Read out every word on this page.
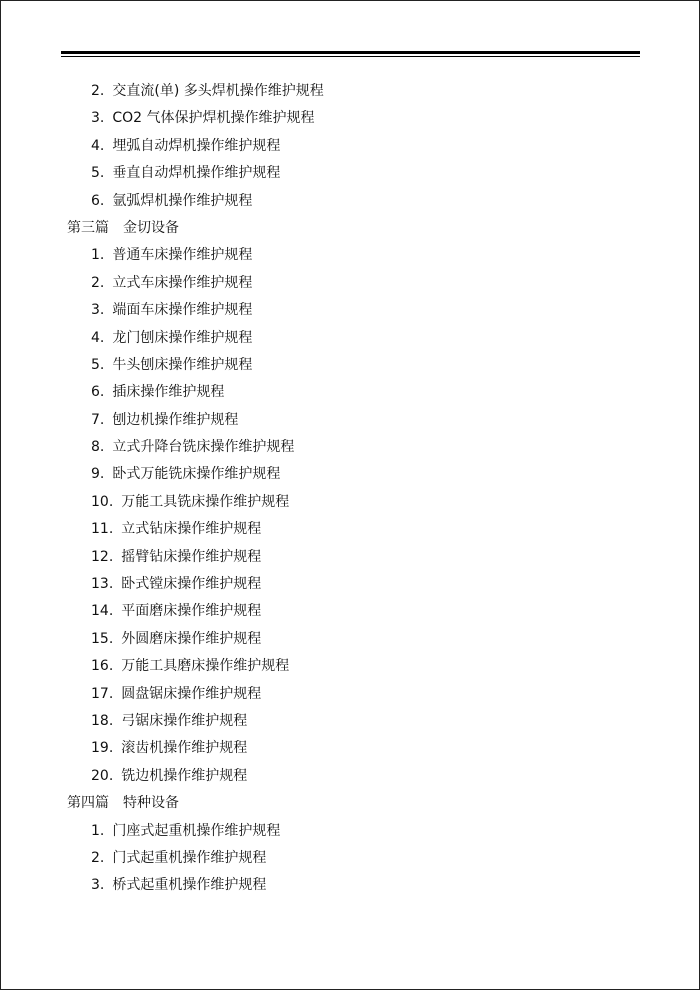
2. 交直流(单) 多头焊机操作维护规程
3. CO2 气体保护焊机操作维护规程
4. 埋弧自动焊机操作维护规程
5. 垂直自动焊机操作维护规程
6. 氩弧焊机操作维护规程
第三篇 金切设备
1. 普通车床操作维护规程
2. 立式车床操作维护规程
3. 端面车床操作维护规程
4. 龙门刨床操作维护规程
5. 牛头刨床操作维护规程
6. 插床操作维护规程
7. 刨边机操作维护规程
8. 立式升降台铣床操作维护规程
9. 卧式万能铣床操作维护规程
10. 万能工具铣床操作维护规程
11. 立式钻床操作维护规程
12. 摇臂钻床操作维护规程
13. 卧式镗床操作维护规程
14. 平面磨床操作维护规程
15. 外圆磨床操作维护规程
16. 万能工具磨床操作维护规程
17. 圆盘锯床操作维护规程
18. 弓锯床操作维护规程
19. 滚齿机操作维护规程
20. 铣边机操作维护规程
第四篇 特种设备
1. 门座式起重机操作维护规程
2. 门式起重机操作维护规程
3. 桥式起重机操作维护规程
